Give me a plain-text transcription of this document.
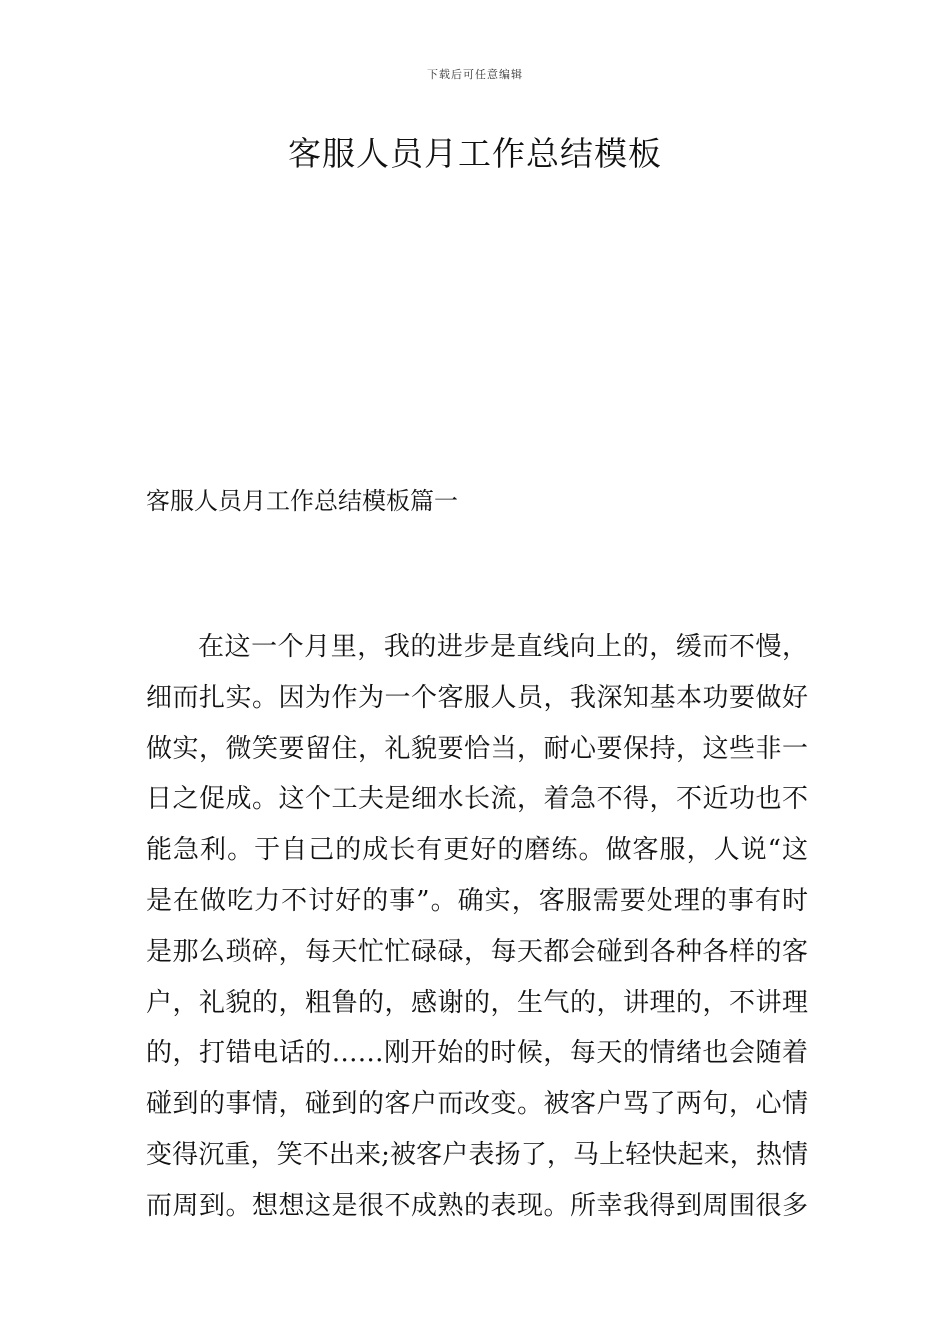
下载后可任意编辑
客服人员月工作总结模板
客服人员月工作总结模板篇一
在这一个月里，我的进步是直线向上的，缓而不慢，
细而扎实。因为作为一个客服人员，我深知基本功要做好
做实，微笑要留住，礼貌要恰当，耐心要保持，这些非一
日之促成。这个工夫是细水长流，着急不得，不近功也不
能急利。于自己的成长有更好的磨练。做客服，人说“这
是在做吃力不讨好的事”。确实，客服需要处理的事有时
是那么琐碎，每天忙忙碌碌，每天都会碰到各种各样的客
户，礼貌的，粗鲁的，感谢的，生气的，讲理的，不讲理
的，打错电话的……刚开始的时候，每天的情绪也会随着
碰到的事情，碰到的客户而改变。被客户骂了两句，心情
变得沉重，笑不出来;被客户表扬了，马上轻快起来，热情
而周到。想想这是很不成熟的表现。所幸我得到周围很多
